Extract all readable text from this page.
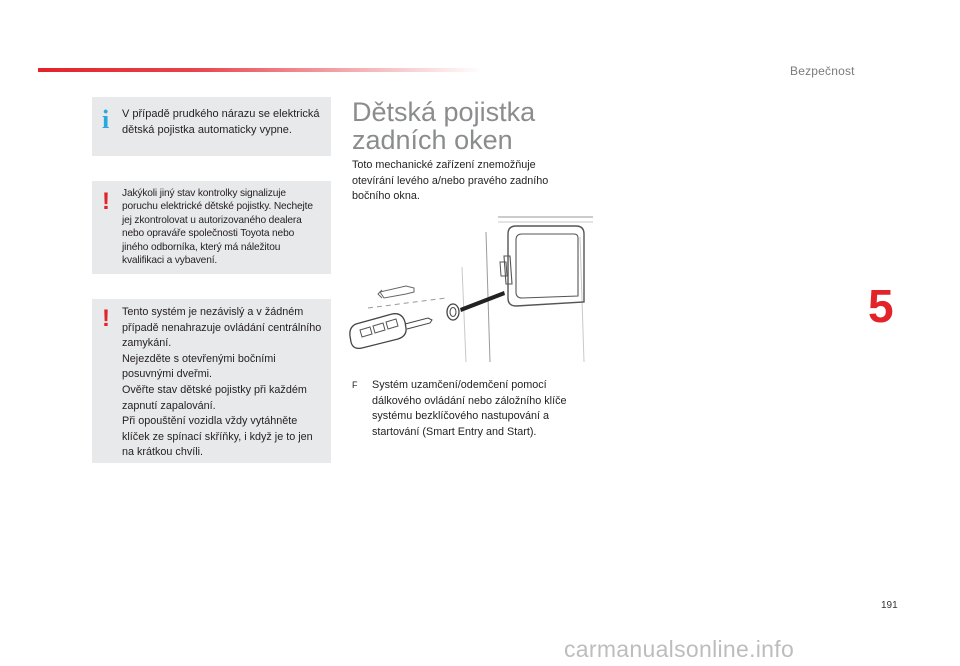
Bezpečnost
5
191
i V případě prudkého nárazu se elektrická dětská pojistka automaticky vypne.
! Jakýkoli jiný stav kontrolky signalizuje poruchu elektrické dětské pojistky. Nechejte jej zkontrolovat u autorizovaného dealera nebo opravářе společnosti Toyota nebo jiného odborníka, který má náležitou kvalifikaci a vybavení.
! Tento systém je nezávislý a v žádném případě nenahrazuje ovládání centrálního zamykání.
Nejezděte s otevřenými bočními posuvnými dveřmi.
Ověřte stav dětské pojistky při každém zapnutí zapalování.
Při opouštění vozidla vždy vytáhněte klíček ze spínací skříňky, i když je to jen na krátkou chvíli.
Dětská pojistka
zadních oken
Toto mechanické zařízení znemožňuje otevírání levého a/nebo pravého zadního bočního okna.
F Systém uzamčení/odemčení pomocí dálkového ovládání nebo záložního klíče systému bezklíčového nastupování a startování (Smart Entry and Start).
carmanualsonline.info
